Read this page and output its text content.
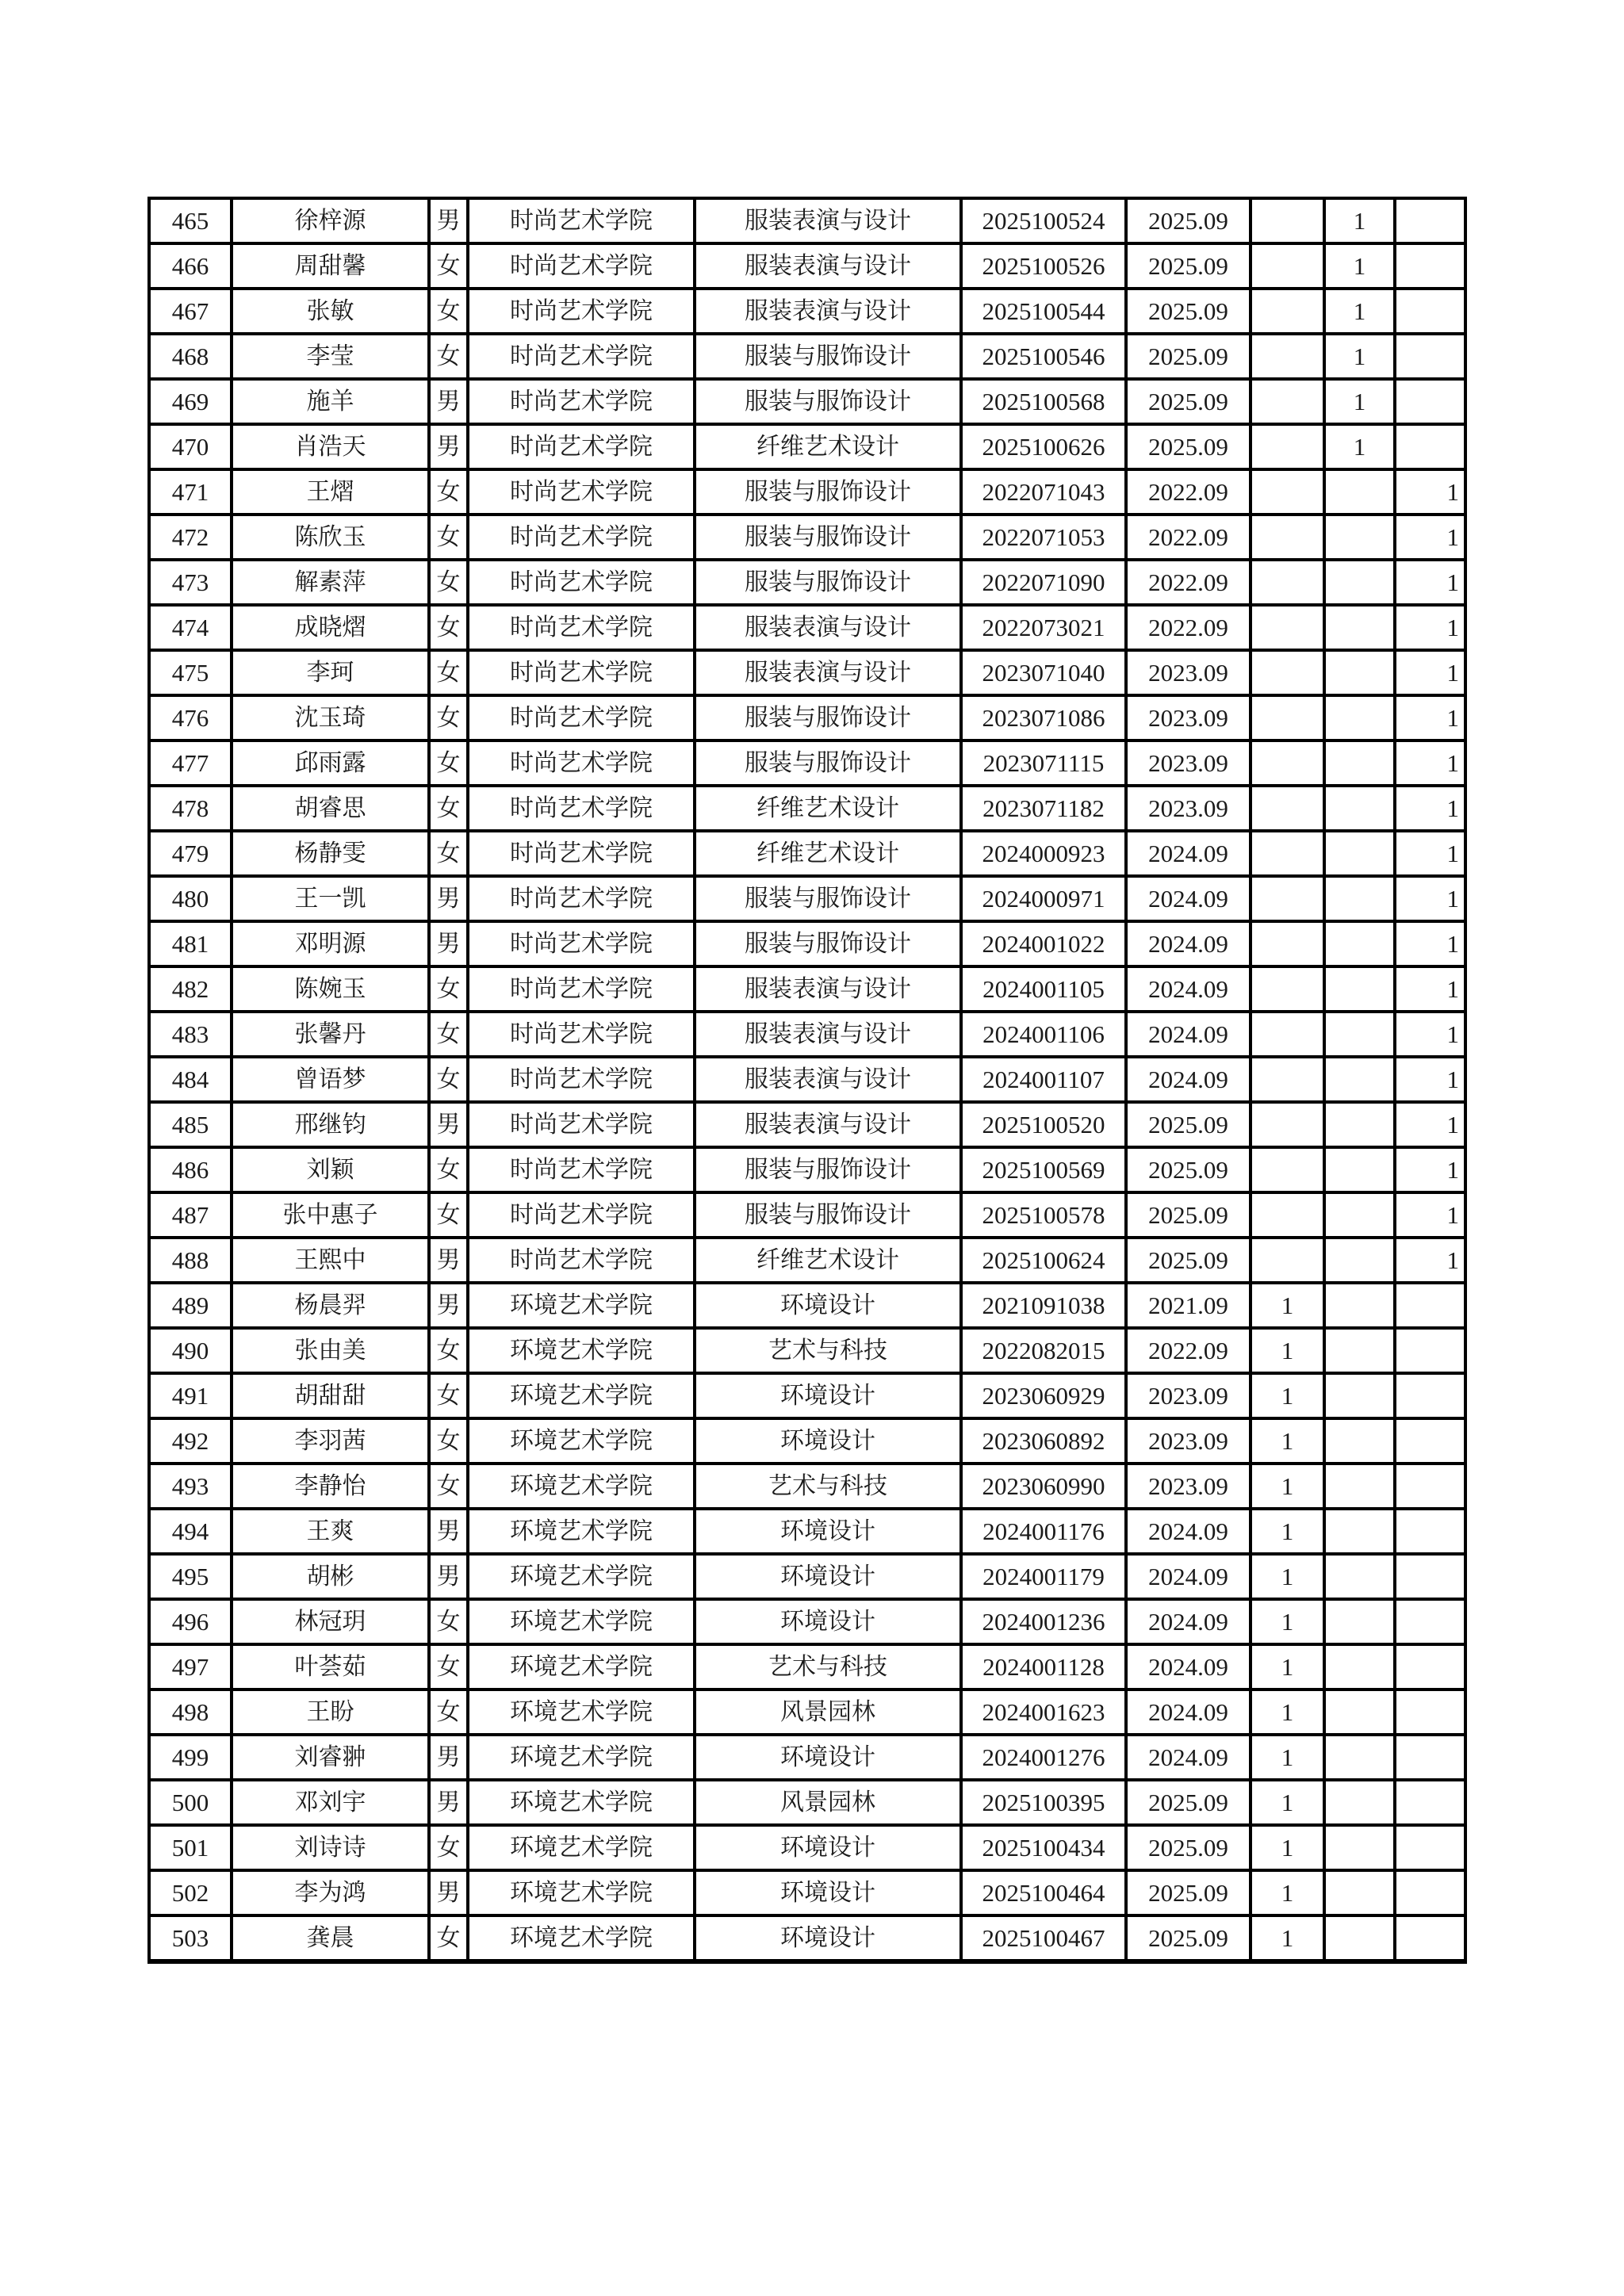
465	徐梓源	男	时尚艺术学院	服装表演与设计	2025100524	2025.09		1	
466	周甜馨	女	时尚艺术学院	服装表演与设计	2025100526	2025.09		1	
467	张敏	女	时尚艺术学院	服装表演与设计	2025100544	2025.09		1	
468	李莹	女	时尚艺术学院	服装与服饰设计	2025100546	2025.09		1	
469	施羊	男	时尚艺术学院	服装与服饰设计	2025100568	2025.09		1	
470	肖浩天	男	时尚艺术学院	纤维艺术设计	2025100626	2025.09		1	
471	王熠	女	时尚艺术学院	服装与服饰设计	2022071043	2022.09			1
472	陈欣玉	女	时尚艺术学院	服装与服饰设计	2022071053	2022.09			1
473	解素萍	女	时尚艺术学院	服装与服饰设计	2022071090	2022.09			1
474	成晓熠	女	时尚艺术学院	服装表演与设计	2022073021	2022.09			1
475	李珂	女	时尚艺术学院	服装表演与设计	2023071040	2023.09			1
476	沈玉琦	女	时尚艺术学院	服装与服饰设计	2023071086	2023.09			1
477	邱雨露	女	时尚艺术学院	服装与服饰设计	2023071115	2023.09			1
478	胡睿思	女	时尚艺术学院	纤维艺术设计	2023071182	2023.09			1
479	杨静雯	女	时尚艺术学院	纤维艺术设计	2024000923	2024.09			1
480	王一凯	男	时尚艺术学院	服装与服饰设计	2024000971	2024.09			1
481	邓明源	男	时尚艺术学院	服装与服饰设计	2024001022	2024.09			1
482	陈婉玉	女	时尚艺术学院	服装表演与设计	2024001105	2024.09			1
483	张馨丹	女	时尚艺术学院	服装表演与设计	2024001106	2024.09			1
484	曾语梦	女	时尚艺术学院	服装表演与设计	2024001107	2024.09			1
485	邢继钧	男	时尚艺术学院	服装表演与设计	2025100520	2025.09			1
486	刘颖	女	时尚艺术学院	服装与服饰设计	2025100569	2025.09			1
487	张中惠子	女	时尚艺术学院	服装与服饰设计	2025100578	2025.09			1
488	王熙中	男	时尚艺术学院	纤维艺术设计	2025100624	2025.09			1
489	杨晨羿	男	环境艺术学院	环境设计	2021091038	2021.09	1		
490	张由美	女	环境艺术学院	艺术与科技	2022082015	2022.09	1		
491	胡甜甜	女	环境艺术学院	环境设计	2023060929	2023.09	1		
492	李羽茜	女	环境艺术学院	环境设计	2023060892	2023.09	1		
493	李静怡	女	环境艺术学院	艺术与科技	2023060990	2023.09	1		
494	王爽	男	环境艺术学院	环境设计	2024001176	2024.09	1		
495	胡彬	男	环境艺术学院	环境设计	2024001179	2024.09	1		
496	林冠玥	女	环境艺术学院	环境设计	2024001236	2024.09	1		
497	叶荟茹	女	环境艺术学院	艺术与科技	2024001128	2024.09	1		
498	王盼	女	环境艺术学院	风景园林	2024001623	2024.09	1		
499	刘睿翀	男	环境艺术学院	环境设计	2024001276	2024.09	1		
500	邓刘宇	男	环境艺术学院	风景园林	2025100395	2025.09	1		
501	刘诗诗	女	环境艺术学院	环境设计	2025100434	2025.09	1		
502	李为鸿	男	环境艺术学院	环境设计	2025100464	2025.09	1		
503	龚晨	女	环境艺术学院	环境设计	2025100467	2025.09	1		
